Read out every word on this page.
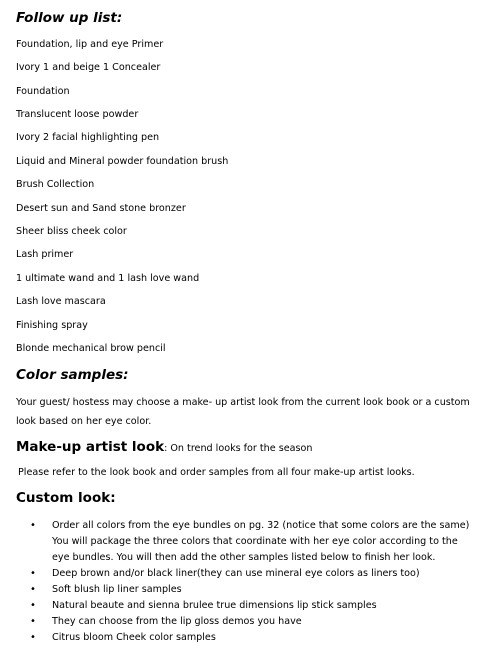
Follow up list:
Foundation, lip and eye Primer
Ivory 1 and beige 1 Concealer
Foundation
Translucent loose powder
Ivory 2 facial highlighting pen
Liquid and Mineral powder foundation brush
Brush Collection
Desert sun and Sand stone bronzer
Sheer bliss cheek color
Lash primer
1 ultimate wand and 1 lash love wand
Lash love mascara
Finishing spray
Blonde mechanical brow pencil
Color samples:

Your guest/ hostess may choose a make- up artist look from the current look book or a custom look based on her eye color.

Make-up artist look: On trend looks for the season
Please refer to the look book and order samples from all four make-up artist looks.
Custom look:
• Order all colors from the eye bundles on pg. 32 (notice that some colors are the same) You will package the three colors that coordinate with her eye color according to the eye bundles. You will then add the other samples listed below to finish her look.
• Deep brown and/or black liner(they can use mineral eye colors as liners too)
• Soft blush lip liner samples
• Natural beaute and sienna brulee true dimensions lip stick samples
• They can choose from the lip gloss demos you have
• Citrus bloom Cheek color samples
